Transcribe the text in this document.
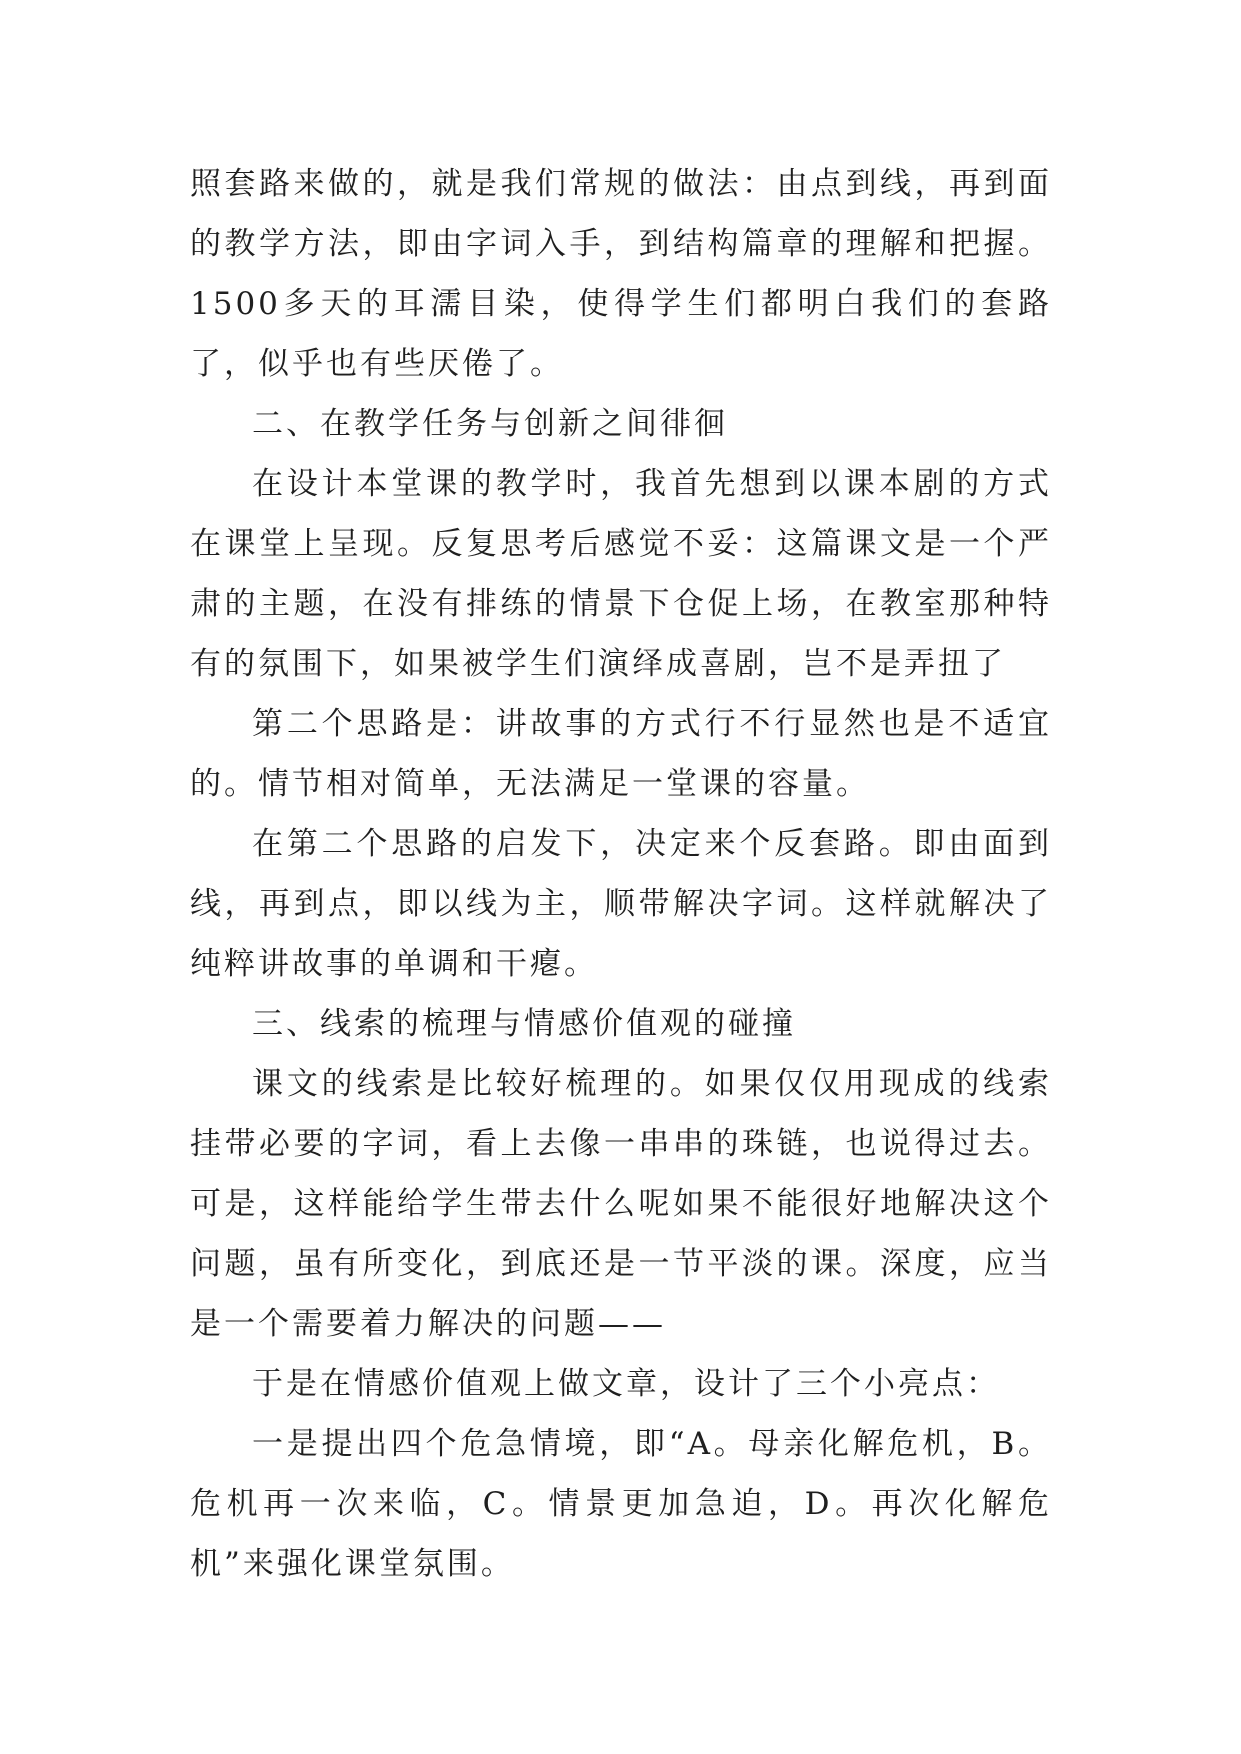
照套路来做的，就是我们常规的做法：由点到线，再到面的教学方法，即由字词入手，到结构篇章的理解和把握。1500多天的耳濡目染，使得学生们都明白我们的套路了，似乎也有些厌倦了。

二、在教学任务与创新之间徘徊

在设计本堂课的教学时，我首先想到以课本剧的方式在课堂上呈现。反复思考后感觉不妥：这篇课文是一个严肃的主题，在没有排练的情景下仓促上场，在教室那种特有的氛围下，如果被学生们演绎成喜剧，岂不是弄扭了

第二个思路是：讲故事的方式行不行显然也是不适宜的。情节相对简单，无法满足一堂课的容量。

在第二个思路的启发下，决定来个反套路。即由面到线，再到点，即以线为主，顺带解决字词。这样就解决了纯粹讲故事的单调和干瘪。

三、线索的梳理与情感价值观的碰撞

课文的线索是比较好梳理的。如果仅仅用现成的线索挂带必要的字词，看上去像一串串的珠链，也说得过去。可是，这样能给学生带去什么呢如果不能很好地解决这个问题，虽有所变化，到底还是一节平淡的课。深度，应当是一个需要着力解决的问题——

于是在情感价值观上做文章，设计了三个小亮点：

一是提出四个危急情境，即“A。母亲化解危机，B。危机再一次来临，C。情景更加急迫，D。再次化解危机”来强化课堂氛围。
